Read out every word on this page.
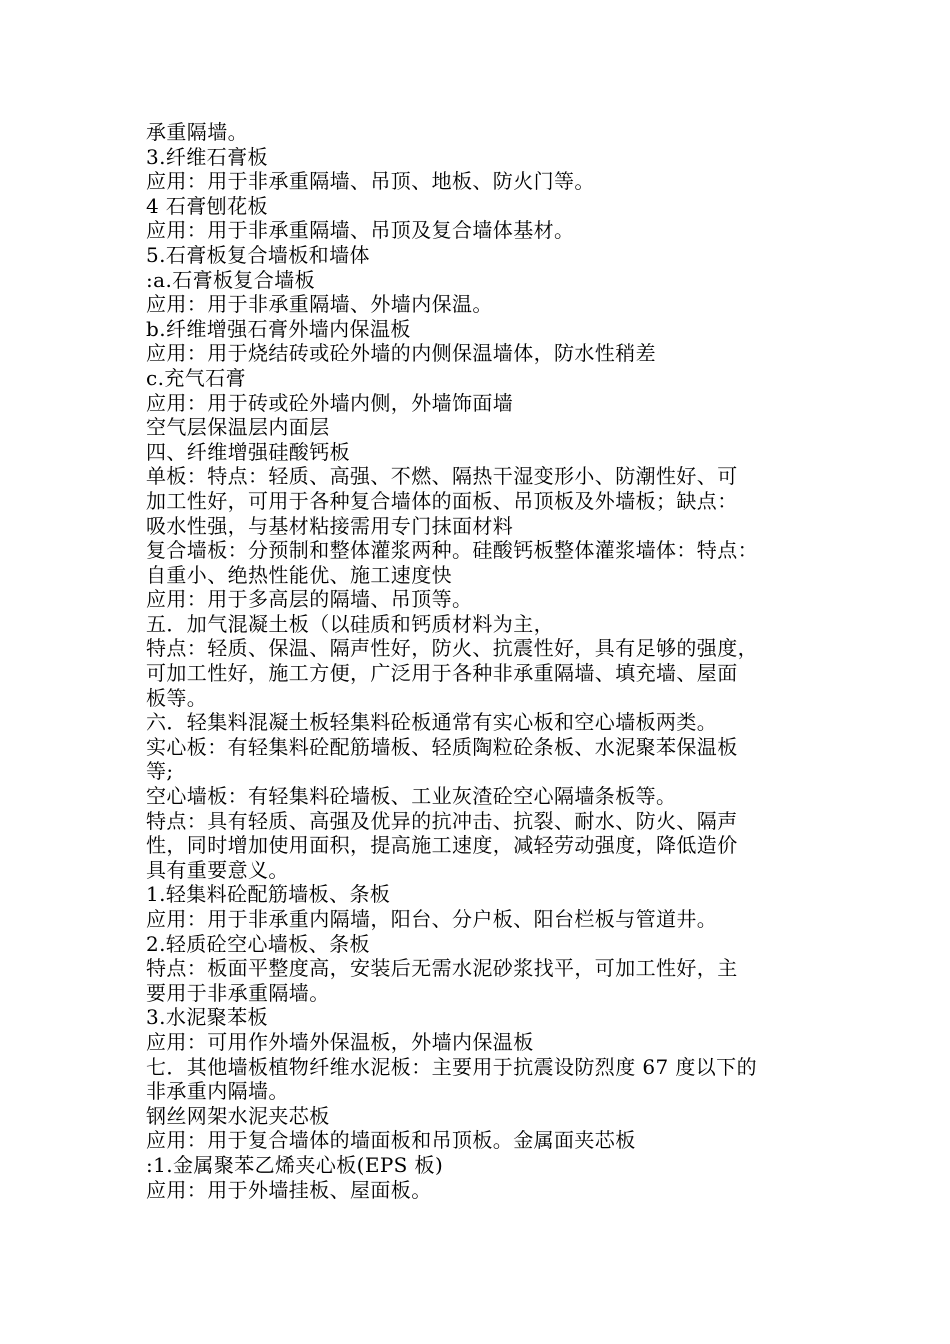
承重隔墙。
3.纤维石膏板
应用：用于非承重隔墙、吊顶、地板、防火门等。
4 石膏刨花板
应用：用于非承重隔墙、吊顶及复合墙体基材。
5.石膏板复合墙板和墙体
:a.石膏板复合墙板
应用：用于非承重隔墙、外墙内保温。
b.纤维增强石膏外墙内保温板
应用：用于烧结砖或砼外墙的内侧保温墙体，防水性稍差
c.充气石膏
应用：用于砖或砼外墙内侧，外墙饰面墙
空气层保温层内面层
四、纤维增强硅酸钙板
单板：特点：轻质、高强、不燃、隔热干湿变形小、防潮性好、可
加工性好，可用于各种复合墙体的面板、吊顶板及外墙板；缺点：
吸水性强，与基材粘接需用专门抹面材料
复合墙板：分预制和整体灌浆两种。硅酸钙板整体灌浆墙体：特点：
自重小、绝热性能优、施工速度快
应用：用于多高层的隔墙、吊顶等。
五．加气混凝土板（以硅质和钙质材料为主，
特点：轻质、保温、隔声性好，防火、抗震性好，具有足够的强度，
可加工性好，施工方便，广泛用于各种非承重隔墙、填充墙、屋面
板等。
六．轻集料混凝土板轻集料砼板通常有实心板和空心墙板两类。
实心板：有轻集料砼配筋墙板、轻质陶粒砼条板、水泥聚苯保温板
等;
空心墙板：有轻集料砼墙板、工业灰渣砼空心隔墙条板等。
特点：具有轻质、高强及优异的抗冲击、抗裂、耐水、防火、隔声
性，同时增加使用面积，提高施工速度，减轻劳动强度，降低造价
具有重要意义。
1.轻集料砼配筋墙板、条板
应用：用于非承重内隔墙，阳台、分户板、阳台栏板与管道井。
2.轻质砼空心墙板、条板
特点：板面平整度高，安装后无需水泥砂浆找平，可加工性好，主
要用于非承重隔墙。
3.水泥聚苯板
应用：可用作外墙外保温板，外墙内保温板
七．其他墙板植物纤维水泥板：主要用于抗震设防烈度 67 度以下的
非承重内隔墙。
钢丝网架水泥夹芯板
应用：用于复合墙体的墙面板和吊顶板。金属面夹芯板
:1.金属聚苯乙烯夹心板(EPS 板)
应用：用于外墙挂板、屋面板。
